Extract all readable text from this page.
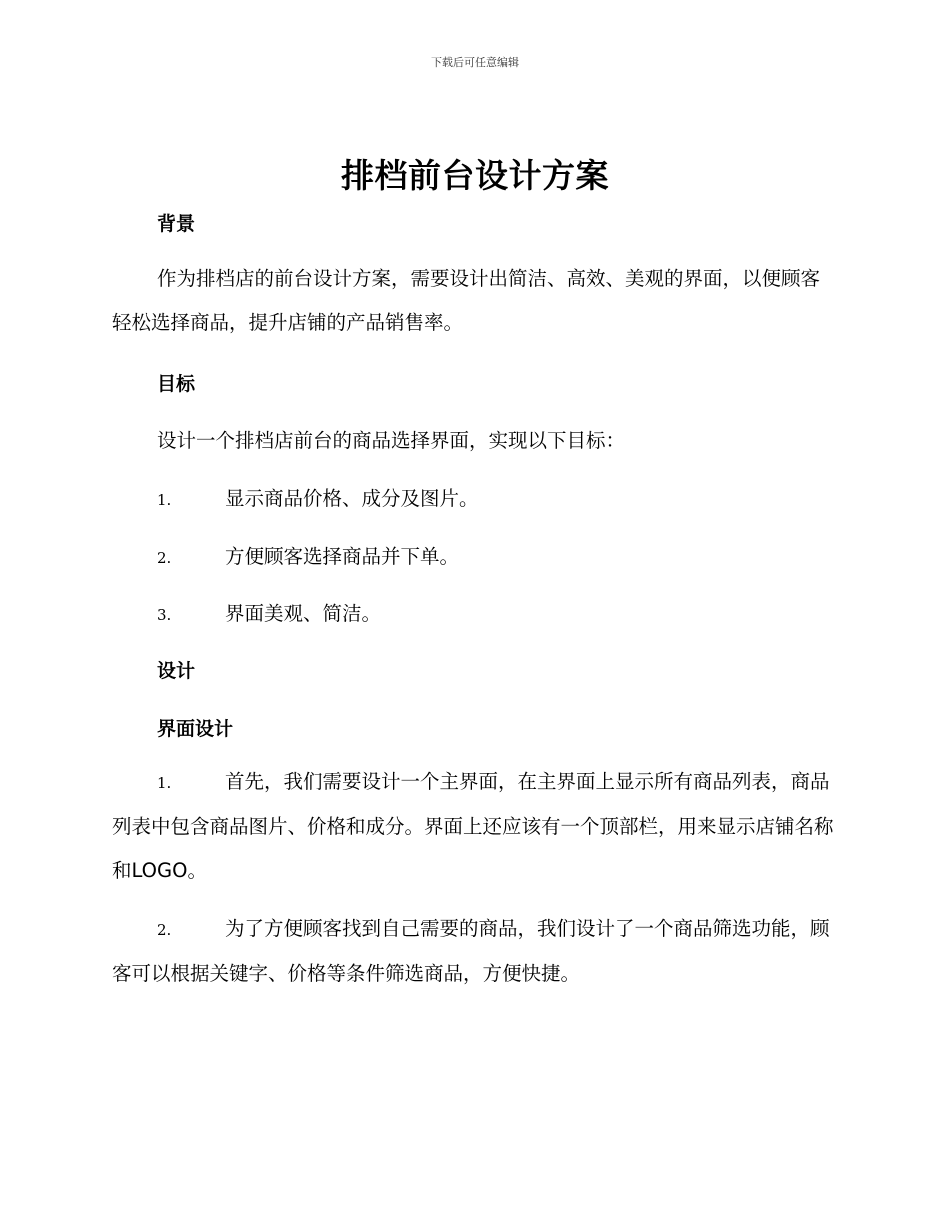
下载后可任意编辑
排档前台设计方案
背景
作为排档店的前台设计方案，需要设计出简洁、高效、美观的界面，以便顾客轻松选择商品，提升店铺的产品销售率。
目标
设计一个排档店前台的商品选择界面，实现以下目标：
1.	显示商品价格、成分及图片。
2.	方便顾客选择商品并下单。
3.	界面美观、简洁。
设计
界面设计
1.	首先，我们需要设计一个主界面，在主界面上显示所有商品列表，商品列表中包含商品图片、价格和成分。界面上还应该有一个顶部栏，用来显示店铺名称和LOGO。
2.	为了方便顾客找到自己需要的商品，我们设计了一个商品筛选功能，顾客可以根据关键字、价格等条件筛选商品，方便快捷。
